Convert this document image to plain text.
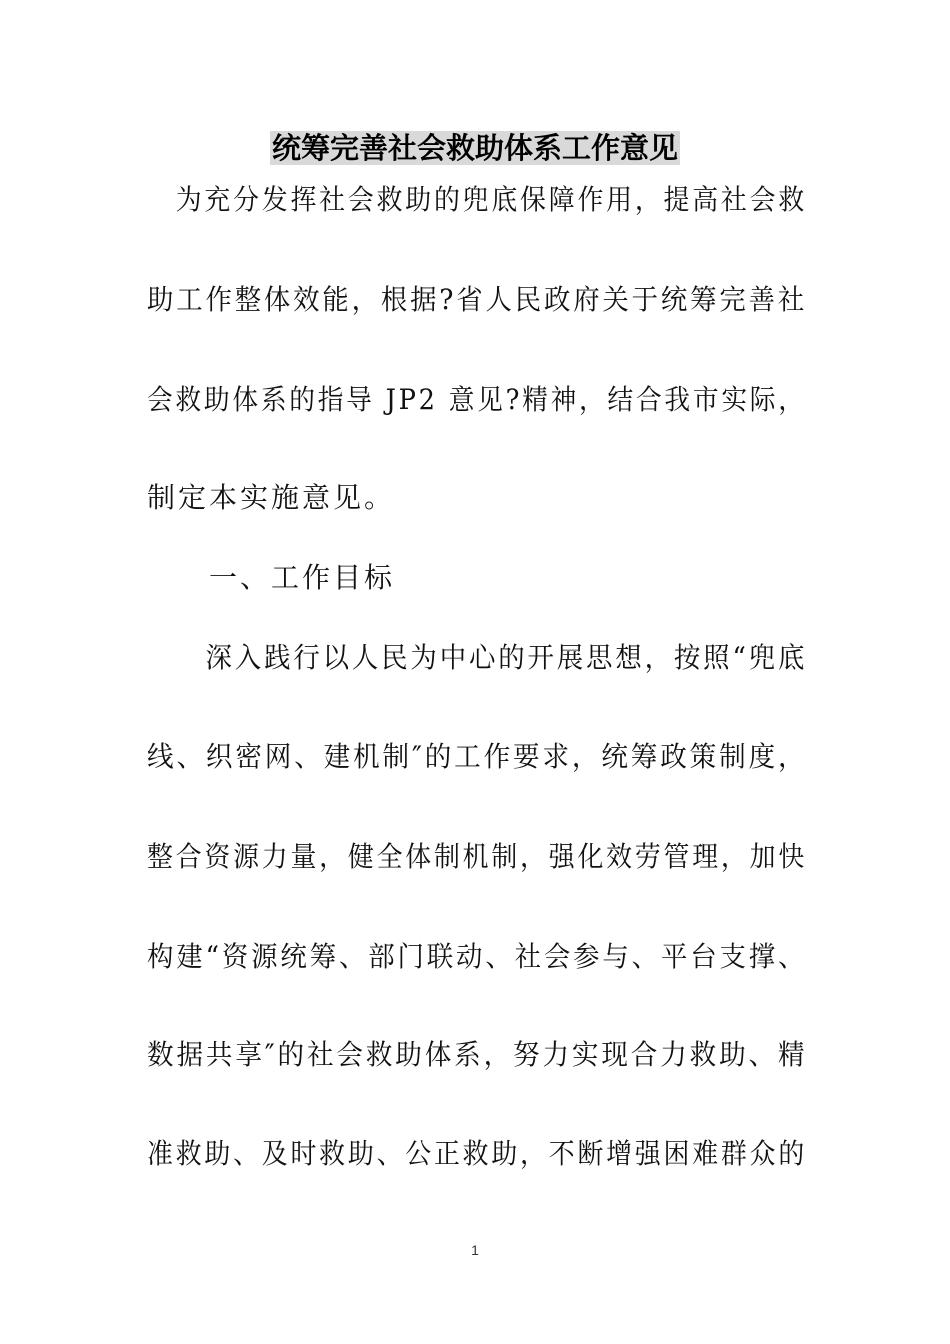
统筹完善社会救助体系工作意见
　为充分发挥社会救助的兜底保障作用，提高社会救
助工作整体效能，根据?省人民政府关于统筹完善社
会救助体系的指导 JP2 意见?精神，结合我市实际，
制定本实施意见。
　　一、工作目标
　　深入践行以人民为中心的开展思想，按照“兜底
线、织密网、建机制″的工作要求，统筹政策制度，
整合资源力量，健全体制机制，强化效劳管理，加快
构建“资源统筹、部门联动、社会参与、平台支撑、
数据共享″的社会救助体系，努力实现合力救助、精
准救助、及时救助、公正救助，不断增强困难群众的
1
